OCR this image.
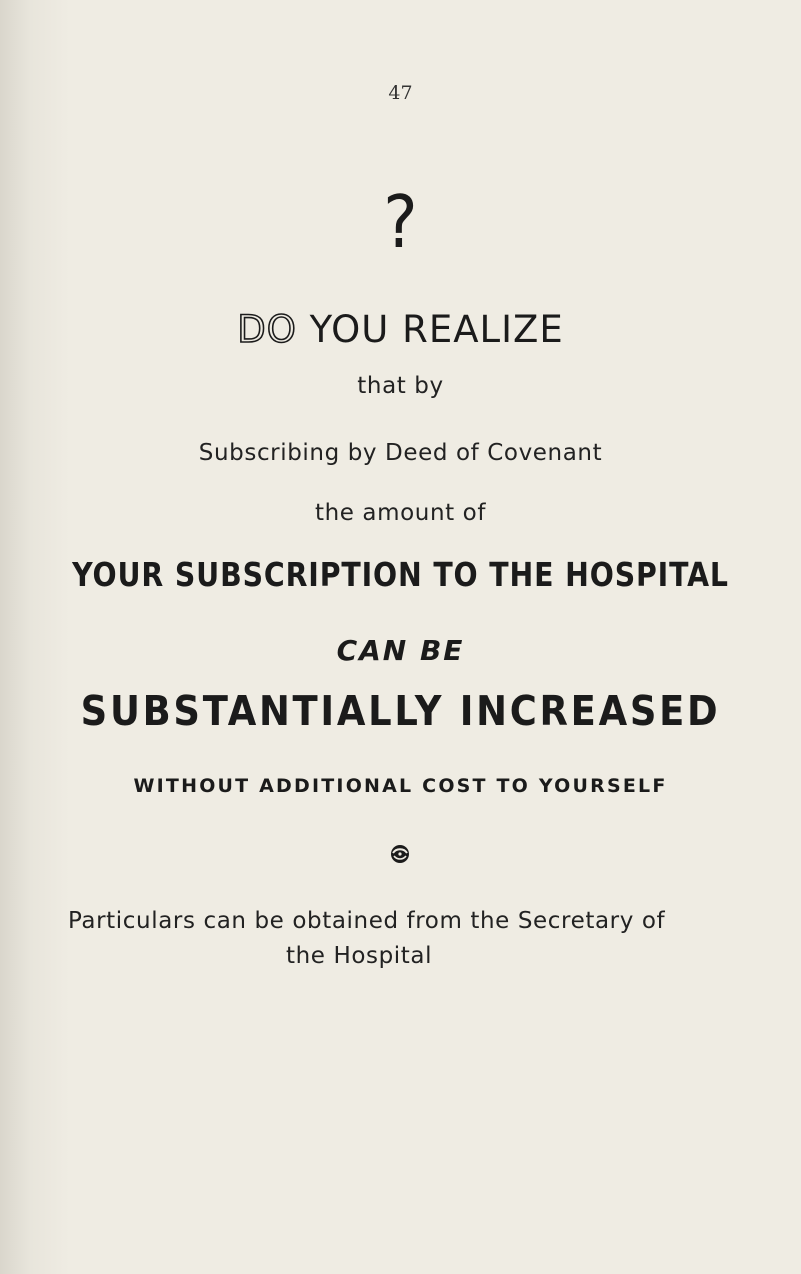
47
?
DO YOU REALIZE
that by
Subscribing by Deed of Covenant
the amount of
YOUR SUBSCRIPTION TO THE HOSPITAL
CAN BE
SUBSTANTIALLY INCREASED
WITHOUT ADDITIONAL COST TO YOURSELF
Particulars can be obtained from the Secretary of
the Hospital
